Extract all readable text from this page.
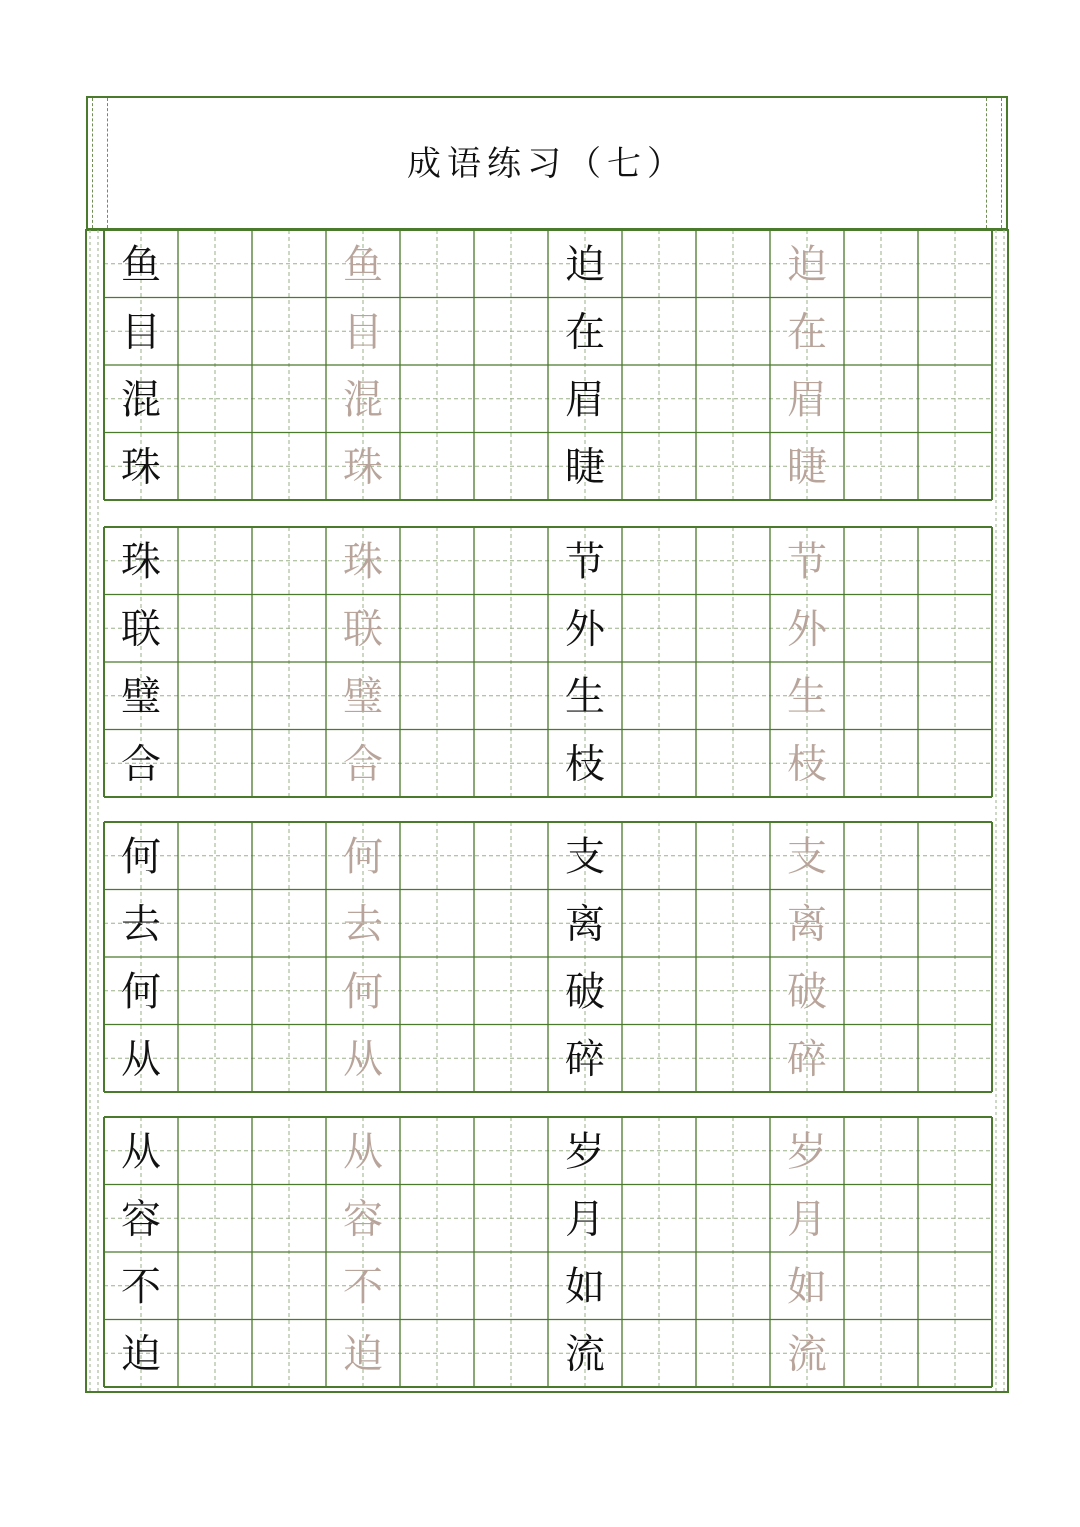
成语练习（七）
鱼
目
混
珠
鱼
目
混
珠
迫
在
眉
睫
迫
在
眉
睫
珠
联
璧
合
珠
联
璧
合
节
外
生
枝
节
外
生
枝
何
去
何
从
何
去
何
从
支
离
破
碎
支
离
破
碎
从
容
不
迫
从
容
不
迫
岁
月
如
流
岁
月
如
流
